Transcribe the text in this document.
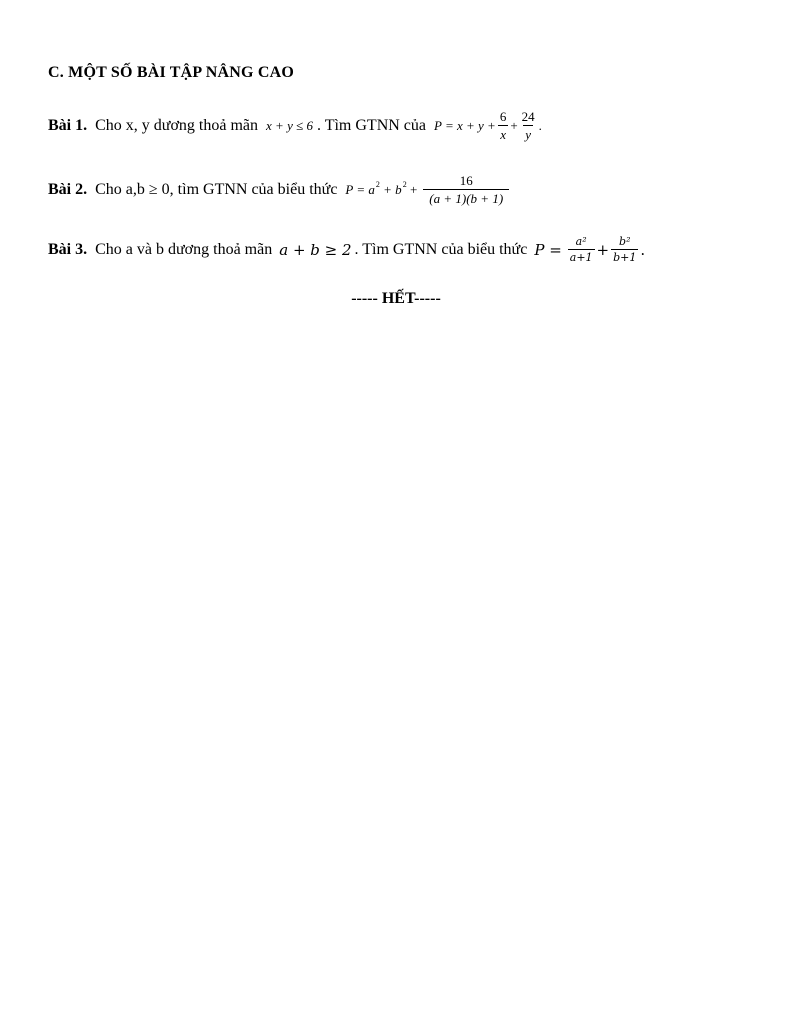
C. MỘT SỐ BÀI TẬP NÂNG CAO
Bài 1. Cho x, y dương thoả mãn x + y ≤ 6 . Tìm GTNN của $P = x + y + \frac{6}{x} + \frac{24}{y}$ .
Bài 2. Cho a,b ≥ 0, tìm GTNN của biểu thức P = a 2 + b $2 + \frac{16}{(a + 1)(b + 1)}$
Bài 3. Cho a và b dương thoả mãn a + b ≥ 2 . Tìm GTNN của biểu thức $P = \frac{\text{a²}}{a+1} + \frac{\text{b²}}{b+1}$ .
----- HẾT-----
